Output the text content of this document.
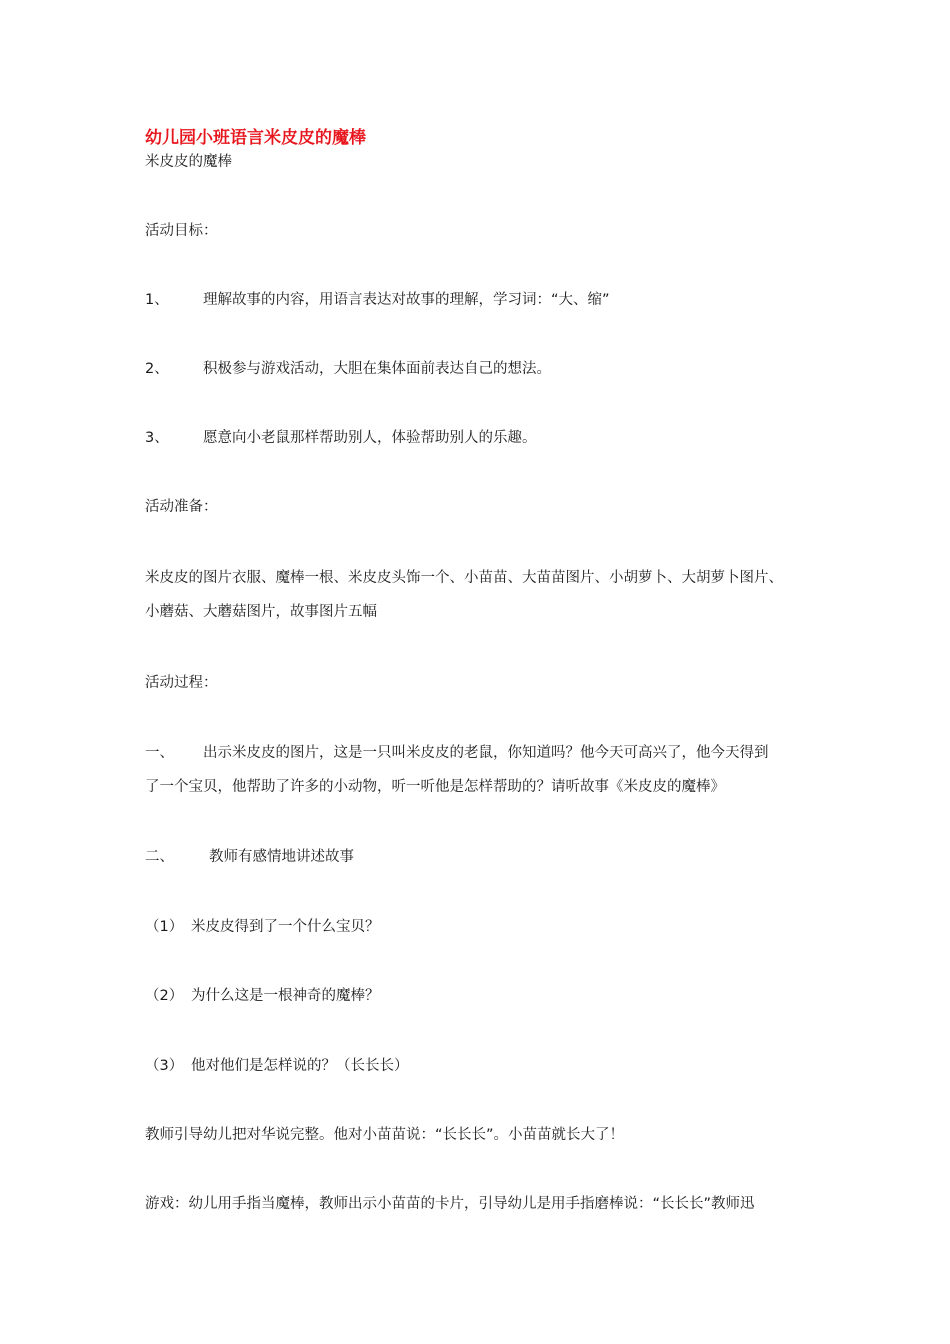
幼儿园小班语言米皮皮的魔棒
米皮皮的魔棒
活动目标：
1、 理解故事的内容，用语言表达对故事的理解，学习词：“大、缩”
2、 积极参与游戏活动，大胆在集体面前表达自己的想法。
3、 愿意向小老鼠那样帮助别人，体验帮助别人的乐趣。
活动准备：
米皮皮的图片衣服、魔棒一根、米皮皮头饰一个、小苗苗、大苗苗图片、小胡萝卜、大胡萝卜图片、
小蘑菇、大蘑菇图片，故事图片五幅
活动过程：
一、 出示米皮皮的图片，这是一只叫米皮皮的老鼠，你知道吗？他今天可高兴了，他今天得到
了一个宝贝，他帮助了许多的小动物，听一听他是怎样帮助的？请听故事《米皮皮的魔棒》
二、 教师有感情地讲述故事
（1） 米皮皮得到了一个什么宝贝？
（2） 为什么这是一根神奇的魔棒？
（3） 他对他们是怎样说的？（长长长）
教师引导幼儿把对华说完整。他对小苗苗说：“长长长”。小苗苗就长大了！
游戏：幼儿用手指当魔棒，教师出示小苗苗的卡片，引导幼儿是用手指磨棒说：“长长长”教师迅
